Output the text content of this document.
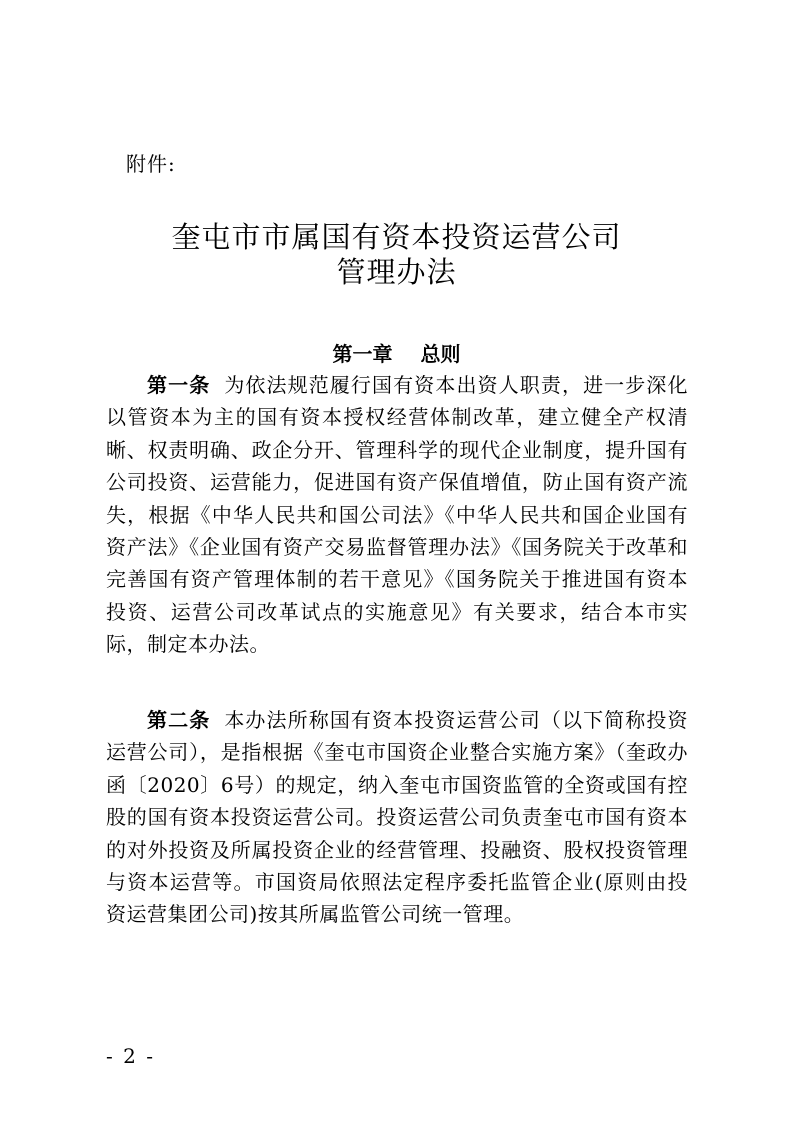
附件:
奎屯市市属国有资本投资运营公司
管理办法
第一章 总则

第一条 为依法规范履行国有资本出资人职责，进一步深化以管资本为主的国有资本授权经营体制改革，建立健全产权清晰、权责明确、政企分开、管理科学的现代企业制度，提升国有公司投资、运营能力，促进国有资产保值增值，防止国有资产流失，根据《中华人民共和国公司法》《中华人民共和国企业国有资产法》《企业国有资产交易监督管理办法》《国务院关于改革和完善国有资产管理体制的若干意见》《国务院关于推进国有资本投资、运营公司改革试点的实施意见》有关要求，结合本市实际，制定本办法。

第二条 本办法所称国有资本投资运营公司（以下简称投资运营公司），是指根据《奎屯市国资企业整合实施方案》（奎政办函〔2020〕6号）的规定，纳入奎屯市国资监管的全资或国有控股的国有资本投资运营公司。投资运营公司负责奎屯市国有资本的对外投资及所属投资企业的经营管理、投融资、股权投资管理与资本运营等。市国资局依照法定程序委托监管企业(原则由投资运营集团公司)按其所属监管公司统一管理。

- 2 -
